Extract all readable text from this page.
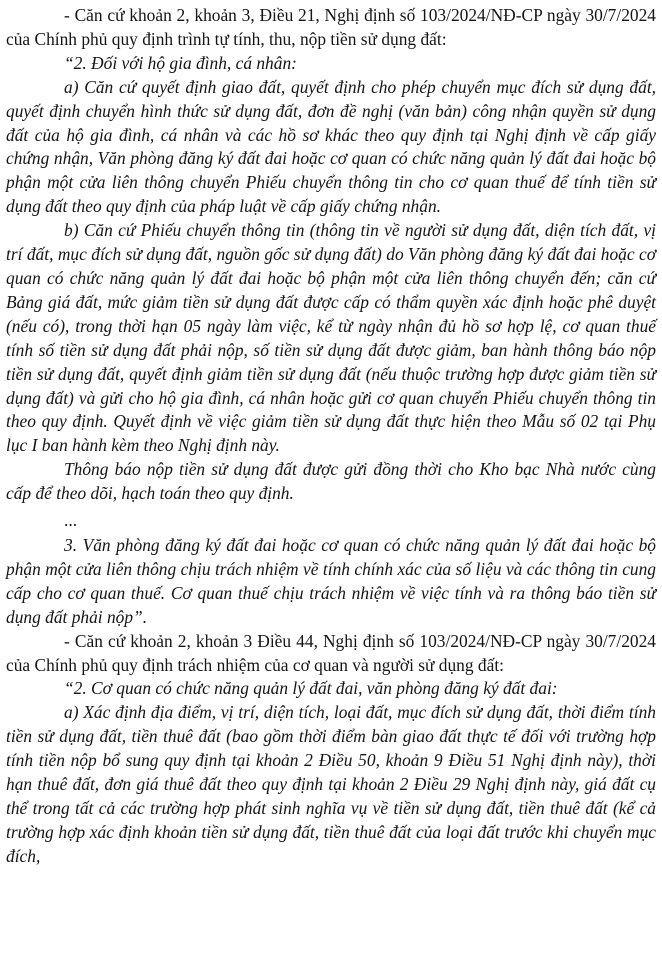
- Căn cứ khoản 2, khoản 3, Điều 21, Nghị định số 103/2024/NĐ-CP ngày 30/7/2024 của Chính phủ quy định trình tự tính, thu, nộp tiền sử dụng đất:

“2. Đối với hộ gia đình, cá nhân:

a) Căn cứ quyết định giao đất, quyết định cho phép chuyển mục đích sử dụng đất, quyết định chuyển hình thức sử dụng đất, đơn đề nghị (văn bản) công nhận quyền sử dụng đất của hộ gia đình, cá nhân và các hồ sơ khác theo quy định tại Nghị định về cấp giấy chứng nhận, Văn phòng đăng ký đất đai hoặc cơ quan có chức năng quản lý đất đai hoặc bộ phận một cửa liên thông chuyển Phiếu chuyển thông tin cho cơ quan thuế để tính tiền sử dụng đất theo quy định của pháp luật về cấp giấy chứng nhận.

b) Căn cứ Phiếu chuyển thông tin (thông tin về người sử dụng đất, diện tích đất, vị trí đất, mục đích sử dụng đất, nguồn gốc sử dụng đất) do Văn phòng đăng ký đất đai hoặc cơ quan có chức năng quản lý đất đai hoặc bộ phận một cửa liên thông chuyển đến; căn cứ Bảng giá đất, mức giảm tiền sử dụng đất được cấp có thẩm quyền xác định hoặc phê duyệt (nếu có), trong thời hạn 05 ngày làm việc, kể từ ngày nhận đủ hồ sơ hợp lệ, cơ quan thuế tính số tiền sử dụng đất phải nộp, số tiền sử dụng đất được giảm, ban hành thông báo nộp tiền sử dụng đất, quyết định giảm tiền sử dụng đất (nếu thuộc trường hợp được giảm tiền sử dụng đất) và gửi cho hộ gia đình, cá nhân hoặc gửi cơ quan chuyển Phiếu chuyển thông tin theo quy định. Quyết định về việc giảm tiền sử dụng đất thực hiện theo Mẫu số 02 tại Phụ lục I ban hành kèm theo Nghị định này.

Thông báo nộp tiền sử dụng đất được gửi đồng thời cho Kho bạc Nhà nước cùng cấp để theo dõi, hạch toán theo quy định.

...

3. Văn phòng đăng ký đất đai hoặc cơ quan có chức năng quản lý đất đai hoặc bộ phận một cửa liên thông chịu trách nhiệm về tính chính xác của số liệu và các thông tin cung cấp cho cơ quan thuế. Cơ quan thuế chịu trách nhiệm về việc tính và ra thông báo tiền sử dụng đất phải nộp”.

- Căn cứ khoản 2, khoản 3 Điều 44, Nghị định số 103/2024/NĐ-CP ngày 30/7/2024 của Chính phủ quy định trách nhiệm của cơ quan và người sử dụng đất:

“2. Cơ quan có chức năng quản lý đất đai, văn phòng đăng ký đất đai:

a) Xác định địa điểm, vị trí, diện tích, loại đất, mục đích sử dụng đất, thời điểm tính tiền sử dụng đất, tiền thuê đất (bao gồm thời điểm bàn giao đất thực tế đối với trường hợp tính tiền nộp bổ sung quy định tại khoản 2 Điều 50, khoản 9 Điều 51 Nghị định này), thời hạn thuê đất, đơn giá thuê đất theo quy định tại khoản 2 Điều 29 Nghị định này, giá đất cụ thể trong tất cả các trường hợp phát sinh nghĩa vụ về tiền sử dụng đất, tiền thuê đất (kể cả trường hợp xác định khoản tiền sử dụng đất, tiền thuê đất của loại đất trước khi chuyển mục đích,
